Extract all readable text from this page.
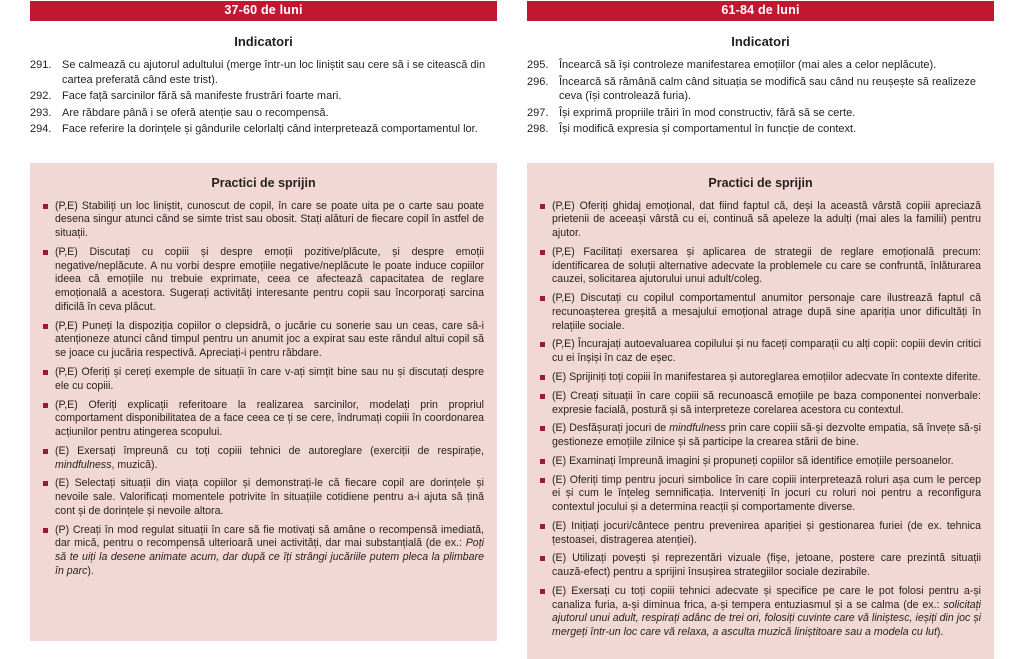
37-60 de luni
Indicatori
291. Se calmează cu ajutorul adultului (merge într-un loc liniștit sau cere să i se citească din cartea preferată când este trist).
292. Face față sarcinilor fără să manifeste frustrări foarte mari.
293. Are răbdare până i se oferă atenție sau o recompensă.
294. Face referire la dorințele și gândurile celorlalți când interpretează comportamentul lor.
Practici de sprijin

(P,E) Stabiliți un loc liniștit, cunoscut de copil, în care se poate uita pe o carte sau poate desena singur atunci când se simte trist sau obosit. Stați alături de fiecare copil în astfel de situații.

(P,E) Discutați cu copiii și despre emoții pozitive/plăcute, și despre emoții negative/neplăcute. A nu vorbi despre emoțiile negative/neplăcute le poate induce copiilor ideea că emoțiile nu trebuie exprimate, ceea ce afectează capacitatea de reglare emoțională a acestora. Sugerați activități interesante pentru copii sau încorporați sarcina dificilă în ceva plăcut.

(P,E) Puneți la dispoziția copiilor o clepsidră, o jucărie cu sonerie sau un ceas, care să-i atenționeze atunci când timpul pentru un anumit joc a expirat sau este rândul altui copil să se joace cu jucăria respectivă. Apreciați-i pentru răbdare.

(P,E) Oferiți și cereți exemple de situații în care v-ați simțit bine sau nu și discutați despre ele cu copiii.

(P,E) Oferiți explicații referitoare la realizarea sarcinilor, modelați prin propriul comportament disponibilitatea de a face ceea ce ți se cere, îndrumați copiii în coordonarea acțiunilor pentru atingerea scopului.

(E) Exersați împreună cu toți copiii tehnici de autoreglare (exerciții de respirație, mindfulness, muzică).

(E) Selectați situații din viața copiilor și demonstrați-le că fiecare copil are dorințele și nevoile sale. Valorificați momentele potrivite în situațiile cotidiene pentru a-i ajuta să țină cont și de dorințele și nevoile altora.

(P) Creați în mod regulat situații în care să fie motivați să amâne o recompensă imediată, dar mică, pentru o recompensă ulterioară unei activități, dar mai substanțială (de ex.: Poți să te uiți la desene animate acum, dar după ce îți strângi jucăriile putem pleca la plimbare în parc).

61-84 de luni
Indicatori
295. Încearcă să își controleze manifestarea emoțiilor (mai ales a celor neplăcute).
296. Încearcă să rămână calm când situația se modifică sau când nu reușește să realizeze ceva (își controlează furia).
297. Își exprimă propriile trăiri în mod constructiv, fără să se certe.
298. Își modifică expresia și comportamentul în funcție de context.
Practici de sprijin

(P,E) Oferiți ghidaj emoțional, dat fiind faptul că, deși la această vârstă copiii apreciază prietenii de aceeași vârstă cu ei, continuă să apeleze la adulți (mai ales la familii) pentru ajutor.

(P,E) Facilitați exersarea și aplicarea de strategii de reglare emoțională precum: identificarea de soluții alternative adecvate la problemele cu care se confruntă, înlăturarea cauzei, solicitarea ajutorului unui adult/coleg.

(P,E) Discutați cu copilul comportamentul anumitor personaje care ilustrează faptul că recunoașterea greșită a mesajului emoțional atrage după sine apariția unor dificultăți în relațiile sociale.

(P,E) Încurajați autoevaluarea copilului și nu faceți comparații cu alți copii: copiii devin critici cu ei înșiși în caz de eșec.

(E) Sprijiniți toți copiii în manifestarea și autoreglarea emoțiilor adecvate în contexte diferite.

(E) Creați situații în care copiii să recunoască emoțiile pe baza componentei nonverbale: expresie facială, postură și să interpreteze corelarea acestora cu contextul.

(E) Desfășurați jocuri de mindfulness prin care copiii să-și dezvolte empatia, să învețe să-și gestioneze emoțiile zilnice și să participe la crearea stării de bine.

(E) Examinați împreună imagini și propuneți copiilor să identifice emoțiile persoanelor.

(E) Oferiți timp pentru jocuri simbolice în care copiii interpretează roluri așa cum le percep ei și cum le înțeleg semnificația. Interveniți în jocuri cu roluri noi pentru a reconfigura contextul jocului și a determina reacții și comportamente diverse.

(E) Inițiați jocuri/cântece pentru prevenirea apariției și gestionarea furiei (de ex. tehnica țestoasei, distragerea atenției).

(E) Utilizați povești și reprezentări vizuale (fișe, jetoane, postere care prezintă situații cauză-efect) pentru a sprijini însușirea strategiilor sociale dezirabile.

(E) Exersați cu toți copiii tehnici adecvate și specifice pe care le pot folosi pentru a-și canaliza furia, a-și diminua frica, a-și tempera entuziasmul și a se calma (de ex.: solicitați ajutorul unui adult, respirați adânc de trei ori, folosiți cuvinte care vă liniștesc, ieșiți din joc și mergeți într-un loc care vă relaxa, a asculta muzică liniștitoare sau a modela cu lut).
